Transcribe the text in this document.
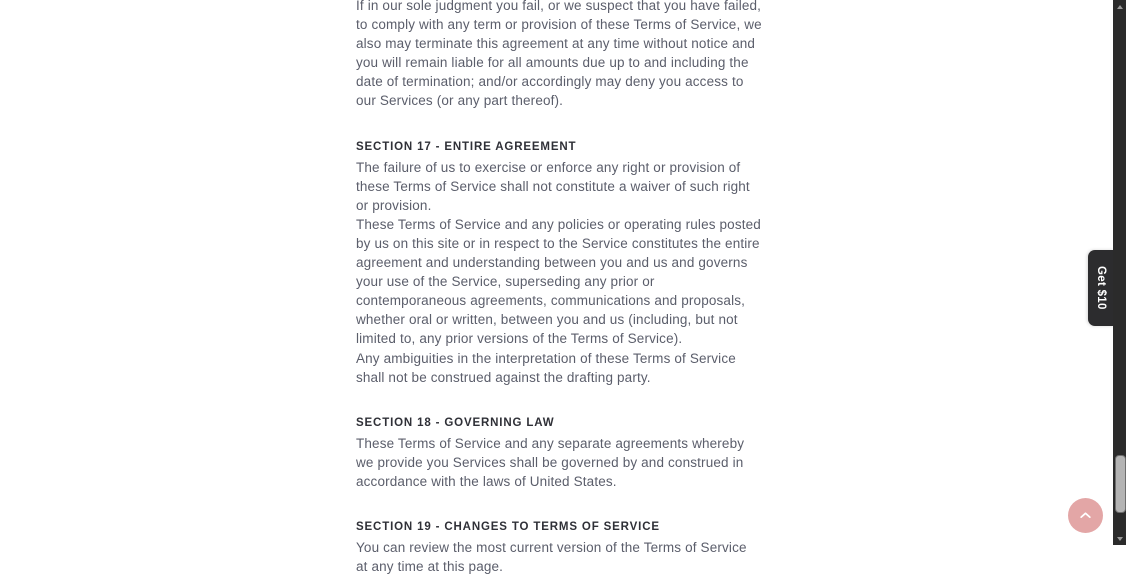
If in our sole judgment you fail, or we suspect that you have failed, to comply with any term or provision of these Terms of Service, we also may terminate this agreement at any time without notice and you will remain liable for all amounts due up to and including the date of termination; and/or accordingly may deny you access to our Services (or any part thereof).

SECTION 17 - ENTIRE AGREEMENT

The failure of us to exercise or enforce any right or provision of these Terms of Service shall not constitute a waiver of such right or provision.

These Terms of Service and any policies or operating rules posted by us on this site or in respect to the Service constitutes the entire agreement and understanding between you and us and governs your use of the Service, superseding any prior or contemporaneous agreements, communications and proposals, whether oral or written, between you and us (including, but not limited to, any prior versions of the Terms of Service).

Any ambiguities in the interpretation of these Terms of Service shall not be construed against the drafting party.

SECTION 18 - GOVERNING LAW

These Terms of Service and any separate agreements whereby we provide you Services shall be governed by and construed in accordance with the laws of United States.

SECTION 19 - CHANGES TO TERMS OF SERVICE

You can review the most current version of the Terms of Service at any time at this page.

Get $10
